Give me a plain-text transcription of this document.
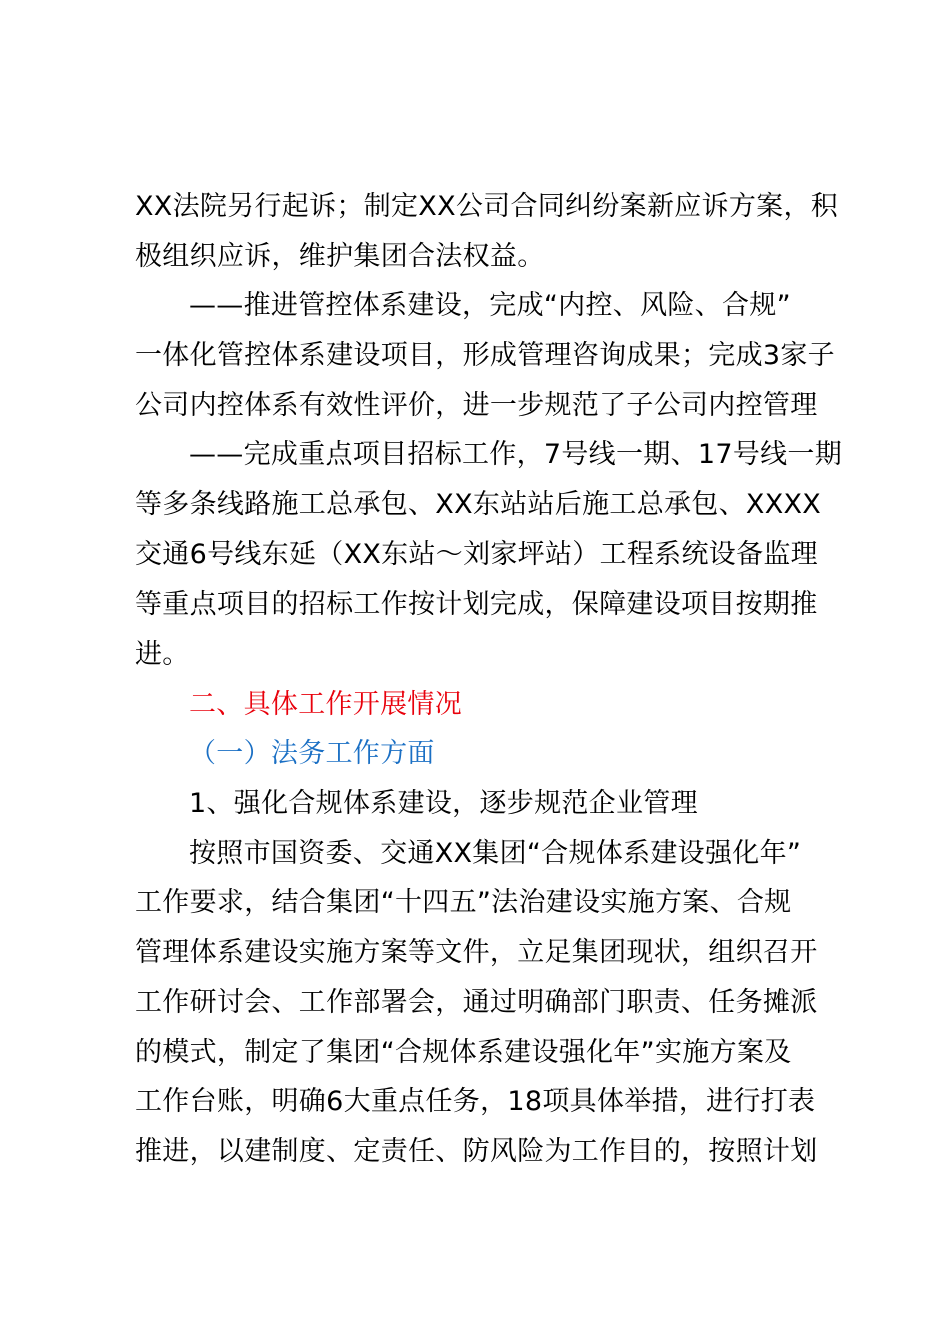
XX法院另行起诉；制定XX公司合同纠纷案新应诉方案，积
极组织应诉，维护集团合法权益。
——推进管控体系建设，完成“内控、风险、合规”
一体化管控体系建设项目，形成管理咨询成果；完成3家子
公司内控体系有效性评价，进一步规范了子公司内控管理
——完成重点项目招标工作，7号线一期、17号线一期
等多条线路施工总承包、XX东站站后施工总承包、XXXX
交通6号线东延（XX东站～刘家坪站）工程系统设备监理
等重点项目的招标工作按计划完成，保障建设项目按期推
进。
二、具体工作开展情况
（一）法务工作方面
1、强化合规体系建设，逐步规范企业管理
按照市国资委、交通XX集团“合规体系建设强化年”
工作要求，结合集团“十四五”法治建设实施方案、合规
管理体系建设实施方案等文件，立足集团现状，组织召开
工作研讨会、工作部署会，通过明确部门职责、任务摊派
的模式，制定了集团“合规体系建设强化年”实施方案及
工作台账，明确6大重点任务，18项具体举措，进行打表
推进，以建制度、定责任、防风险为工作目的，按照计划
